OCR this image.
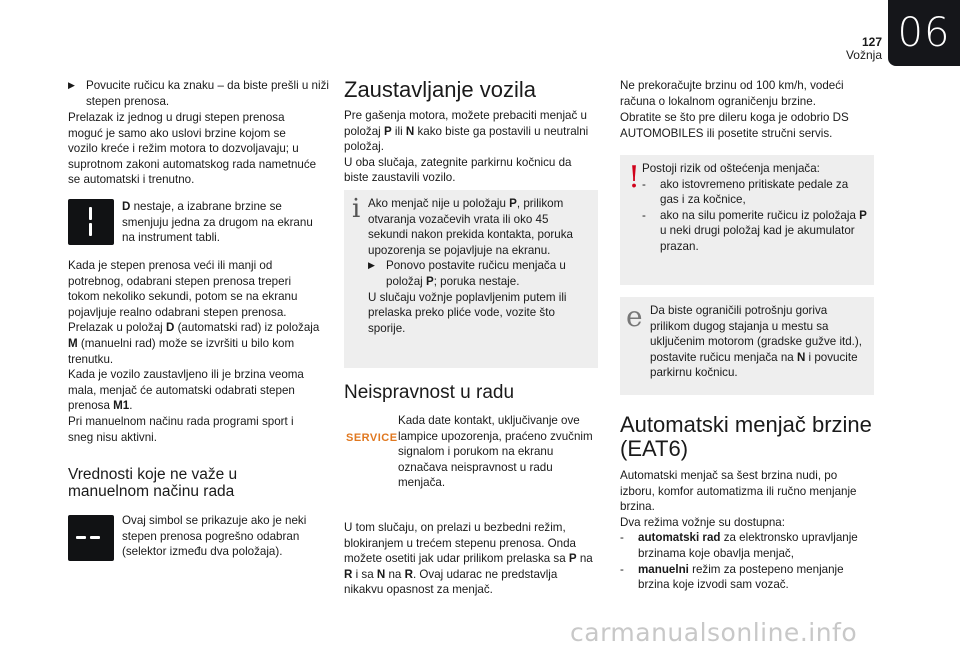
06
127
Vožnja
▶ Povucite ručicu ka znaku – da biste prešli u niži stepen prenosa.

Prelazak iz jednog u drugi stepen prenosa moguć je samo ako uslovi brzine kojom se vozilo kreće i režim motora to dozvoljavaju; u suprotnom zakoni automatskog rada nametnuće se automatski i trenutno.

D nestaje, a izabrane brzine se smenjuju jedna za drugom na ekranu na instrument tabli.

Kada je stepen prenosa veći ili manji od potrebnog, odabrani stepen prenosa treperi tokom nekoliko sekundi, potom se na ekranu pojavljuje realno odabrani stepen prenosa.

Prelazak u položaj D (automatski rad) iz položaja M (manuelni rad) može se izvršiti u bilo kom trenutku.

Kada je vozilo zaustavljeno ili je brzina veoma mala, menjač će automatski odabrati stepen prenosa M1.

Pri manuelnom načinu rada programi sport i sneg nisu aktivni.

Vrednosti koje ne važe u manuelnom načinu rada

Ovaj simbol se prikazuje ako je neki stepen prenosa pogrešno odabran (selektor između dva položaja).

Zaustavljanje vozila

Pre gašenja motora, možete prebaciti menjač u položaj P ili N kako biste ga postavili u neutralni položaj.

U oba slučaja, zategnite parkirnu kočnicu da biste zaustavili vozilo.

i Ako menjač nije u položaju P, prilikom otvaranja vozačevih vrata ili oko 45 sekundi nakon prekida kontakta, poruka upozorenja se pojavljuje na ekranu.

▶ Ponovo postavite ručicu menjača u položaj P; poruka nestaje.

U slučaju vožnje poplavljenim putem ili prelaska preko plićе vode, vozite što sporije.

Neispravnost u radu
SERVICE

Kada date kontakt, uključivanje ove lampice upozorenja, praćeno zvučnim signalom i porukom na ekranu označava neispravnost u radu menjača.

U tom slučaju, on prelazi u bezbedni režim, blokiranjem u trećem stepenu prenosa. Onda možete osetiti jak udar prilikom prelaska sa P na R i sa N na R. Ovaj udarac ne predstavlja nikakvu opasnost za menjač.

Ne prekoračujte brzinu od 100 km/h, vodeći računa o lokalnom ograničenju brzine.

Obratite se što pre dileru koga je odobrio DS AUTOMOBILES ili posetite stručni servis.

! Postoji rizik od oštećenja menjača:

- ako istovremeno pritiskate pedale za gas i za kočnice,
- ako na silu pomerite ručicu iz položaja P u neki drugi položaj kad je akumulator prazan.
e Da biste ograničili potrošnju goriva prilikom dugog stajanja u mestu sa uključenim motorom (gradske gužve itd.), postavite ručicu menjača na N i povucite parkirnu kočnicu.

Automatski menjač brzine (EAT6)

Automatski menjač sa šest brzina nudi, po izboru, komfor automatizma ili ručno menjanje brzina.

Dva režima vožnje su dostupna:

- automatski rad za elektronsko upravljanje brzinama koje obavlja menjač,
- manuelni režim za postepeno menjanje brzina koje izvodi sam vozač.
carmanualsonline.info
